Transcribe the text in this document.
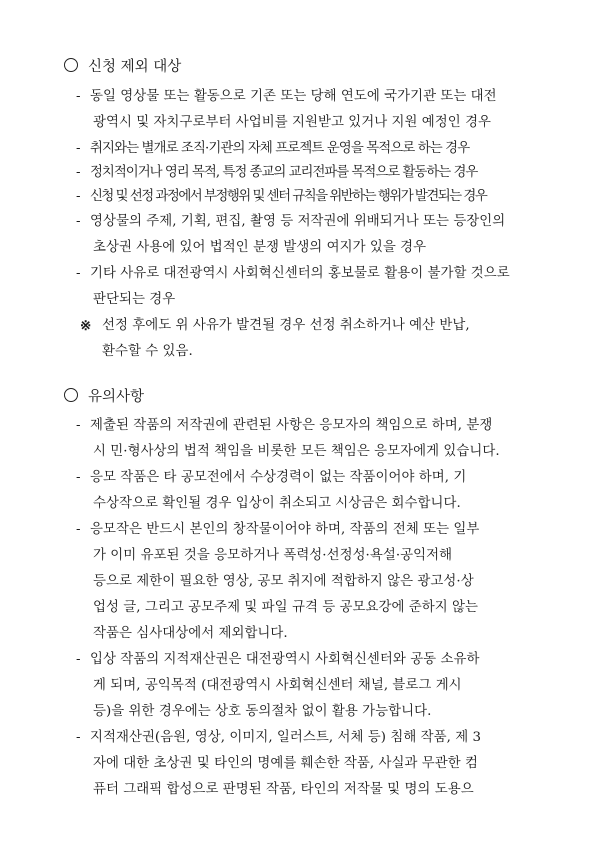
신청 제외 대상
- 동일 영상물 또는 활동으로 기존 또는 당해 연도에 국가기관 또는 대전
광역시 및 자치구로부터 사업비를 지원받고 있거나 지원 예정인 경우
- 취지와는 별개로 조직·기관의 자체 프로젝트 운영을 목적으로 하는 경우
- 정치적이거나 영리 목적, 특정 종교의 교리전파를 목적으로 활동하는 경우
- 신청 및 선정 과정에서 부정행위 및 센터 규칙을 위반하는 행위가 발견되는 경우
- 영상물의 주제, 기획, 편집, 촬영 등 저작권에 위배되거나 또는 등장인의
초상권 사용에 있어 법적인 분쟁 발생의 여지가 있을 경우
- 기타 사유로 대전광역시 사회혁신센터의 홍보물로 활용이 불가할 것으로
판단되는 경우
※ 선정 후에도 위 사유가 발견될 경우 선정 취소하거나 예산 반납,
환수할 수 있음.
유의사항
- 제출된 작품의 저작권에 관련된 사항은 응모자의 책임으로 하며, 분쟁
시 민·형사상의 법적 책임을 비롯한 모든 책임은 응모자에게 있습니다.
- 응모 작품은 타 공모전에서 수상경력이 없는 작품이어야 하며, 기
수상작으로 확인될 경우 입상이 취소되고 시상금은 회수합니다.
- 응모작은 반드시 본인의 창작물이어야 하며, 작품의 전체 또는 일부
가 이미 유포된 것을 응모하거나 폭력성·선정성·욕설·공익저해
등으로 제한이 필요한 영상, 공모 취지에 적합하지 않은 광고성·상
업성 글, 그리고 공모주제 및 파일 규격 등 공모요강에 준하지 않는
작품은 심사대상에서 제외합니다.
- 입상 작품의 지적재산권은 대전광역시 사회혁신센터와 공동 소유하
게 되며, 공익목적 (대전광역시 사회혁신센터 채널, 블로그 게시
등)을 위한 경우에는 상호 동의절차 없이 활용 가능합니다.
- 지적재산권(음원, 영상, 이미지, 일러스트, 서체 등) 침해 작품, 제 3
자에 대한 초상권 및 타인의 명예를 훼손한 작품, 사실과 무관한 컴
퓨터 그래픽 합성으로 판명된 작품, 타인의 저작물 및 명의 도용으
